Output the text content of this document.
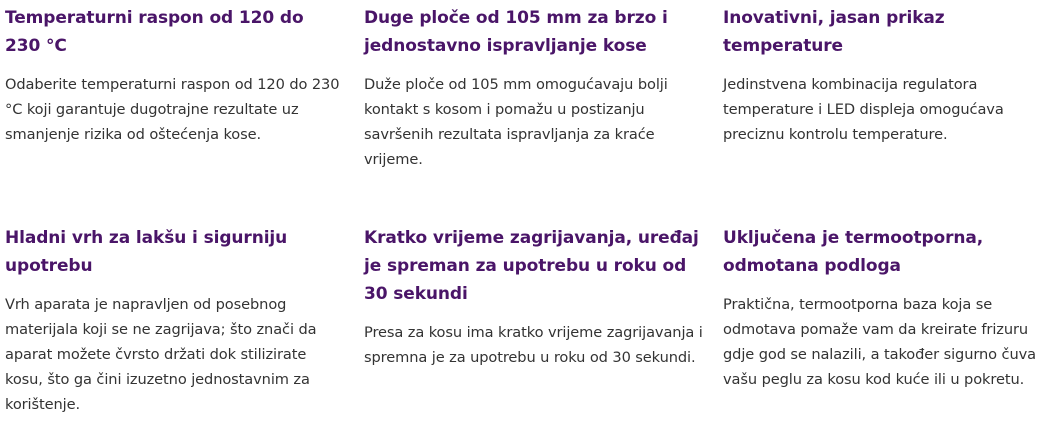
Temperaturni raspon od 120 do 230 °C

Odaberite temperaturni raspon od 120 do 230 °C koji garantuje dugotrajne rezultate uz smanjenje rizika od oštećenja kose.

Duge ploče od 105 mm za brzo i jednostavno ispravljanje kose

Duže ploče od 105 mm omogućavaju bolji kontakt s kosom i pomažu u postizanju savršenih rezultata ispravljanja za kraće vrijeme.

Inovativni, jasan prikaz temperature

Jedinstvena kombinacija regulatora temperature i LED displeja omogućava preciznu kontrolu temperature.

Hladni vrh za lakšu i sigurniju upotrebu

Vrh aparata je napravljen od posebnog materijala koji se ne zagrijava; što znači da aparat možete čvrsto držati dok stilizirate kosu, što ga čini izuzetno jednostavnim za korištenje.

Kratko vrijeme zagrijavanja, uređaj je spreman za upotrebu u roku od 30 sekundi

Presa za kosu ima kratko vrijeme zagrijavanja i spremna je za upotrebu u roku od 30 sekundi.

Uključena je termootporna, odmotana podloga

Praktična, termootporna baza koja se odmotava pomaže vam da kreirate frizuru gdje god se nalazili, a također sigurno čuva vašu peglu za kosu kod kuće ili u pokretu.
